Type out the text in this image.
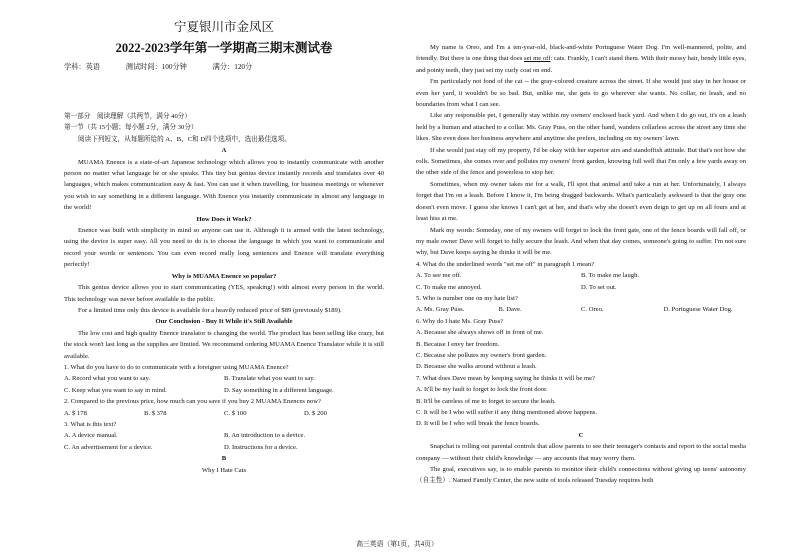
宁夏银川市金凤区
2022-2023学年第一学期高三期末测试卷
学科：英语	测试时间：100分钟	满分：120分

第一部分　阅读理解（共两节，满分 40分）

第一节（共 15小题；每小题 2分，满分 30分）

阅读下列短文，从每题所给的 A、B、C和 D四个选项中，选出最佳选项。

A

MUAMA Enence is a state-of-art Japanese technology which allows you to instantly communicate with another person no matter what language he or she speaks. This tiny but genius device instantly records and translates over 40 languages, which makes communication easy & fast. You can use it when travelling, for business meetings or whenever you wish to say something in a different language. With Enence you instantly communicate in almost any language in the world!

How Does it Work?

Enence was built with simplicity in mind so anyone can use it. Although it is armed with the latest technology, using the device is super easy. All you need to do is to choose the language in which you want to communicate and record your words or sentences. You can even record really long sentences and Enence will translate everything perfectly!

Why is MUAMA Enence so popular?

This genius device allows you to start communicating (YES, speaking!) with almost every person in the world. This technology was never before available to the public.

For a limited time only this device is available for a heavily reduced price of $89 (previously $189).

Our Conclusion - Buy It While it's Still Available

The low cost and high quality Enence translator is changing the world. The product has been selling like crazy, but the stock won't last long as the supplies are limited. We recommend ordering MUAMA Enence Translator while it is still available.

1. What do you have to do to communicate with a foreigner using MUAMA Enence?

A. Record what you want to say.	B. Translate what you want to say.
C. Keep what you want to say in mind.	D. Say something in a different language.

2. Compared to the previous price, how much can you save if you buy 2 MUAMA Enences now?

A. $ 178	B. $ 378	C. $ 100	D. $ 200

3. What is this text?

A. A device manual.	B. An introduction to a device.
C. An advertisement for a device.	D. Instructions for a device.

B

Why I Hate Cats

My name is Oreo, and I'm a ten-year-old, black-and-white Portuguese Water Dog. I'm well-mannered, polite, and friendly. But there is one thing that does set me off: cats. Frankly, I can't stand them. With their messy hair, bendy little eyes, and pointy teeth, they just set my curly coat on end.

I'm particularly not fond of the cat -- the gray-colored creature across the street. If she would just stay in her house or even her yard, it wouldn't be so bad. But, unlike me, she gets to go wherever she wants. No collar, no leash, and no boundaries from what I can see.

Like any responsible pet, I generally stay within my owners' enclosed back yard. And when I do go out, it's on a leash held by a human and attached to a collar. Ms. Gray Puss, on the other hand, wanders collarless across the street any time she likes. She even does her business anywhere and anytime she prefers, including on my owners' lawn.

If she would just stay off my property, I'd be okay with her superior airs and standoffish attitude. But that's not how she rolls. Sometimes, she comes over and pollutes my owners' front garden, knowing full well that I'm only a few yards away on the other side of the fence and powerless to stop her.

Sometimes, when my owner takes me for a walk, I'll spot that animal and take a run at her. Unfortunately, I always forget that I'm on a leash. Before I know it, I'm being dragged backwards. What's particularly awkward is that the gray one doesn't even move. I guess she knows I can't get at her, and that's why she doesn't even deign to get up on all fours and at least hiss at me.

Mark my words: Someday, one of my owners will forget to lock the front gate, one of the fence boards will fall off, or my male owner Dave will forget to fully secure the leash. And when that day comes, someone's going to suffer. I'm not sure why, but Dave keeps saying he thinks it will be me.

4. What do the underlined words "set me off" in paragraph 1 mean?

A. To see me off.	B. To make me laugh.
C. To make me annoyed.	D. To set out.

5. Who is number one on my hate list?

A. Ms. Gray Puss.	B. Dave.	C. Oreo.	D. Portuguese Water Dog.

6. Why do I hate Ms. Gray Puss?

A. Because she always shows off in front of me.

B. Because I envy her freedom.

C. Because she pollutes my owner's front garden.

D. Because she walks around without a leash.

7. What does Dave mean by keeping saying he thinks it will be me?

A. It'll be my fault to forget to lock the front door.

B. It'll be careless of me to forget to secure the leash.

C. It will be I who will suffer if any thing mentioned above happens.

D. It will be I who will break the fence boards.

C

Snapchat is rolling out parental controls that allow parents to see their teenager's contacts and report to the social media company — without their child's knowledge — any accounts that may worry them.

The goal, executives say, is to enable parents to monitor their child's connections without giving up teens' autonomy（自主性）. Named Family Center, the new suite of tools released Tuesday requires both

高三英语（第1页，共4页）
